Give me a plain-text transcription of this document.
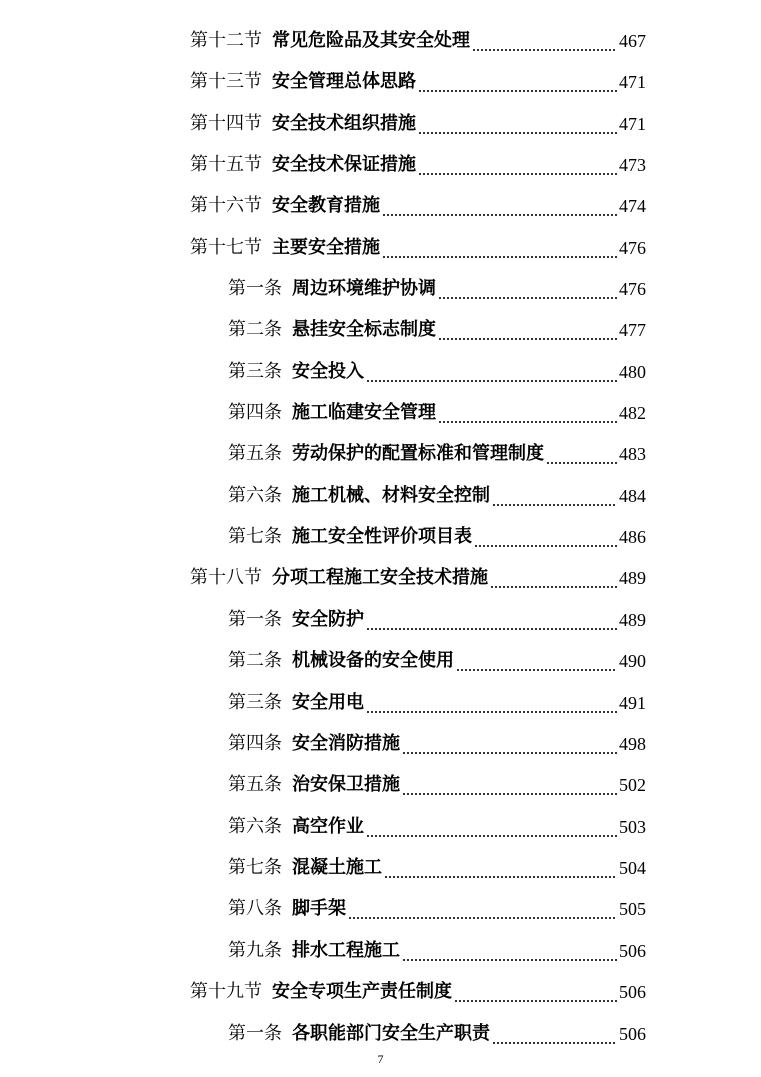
第十二节 常见危险品及其安全处理	467
第十三节 安全管理总体思路	471
第十四节 安全技术组织措施	471
第十五节 安全技术保证措施	473
第十六节 安全教育措施	474
第十七节 主要安全措施	476
第一条 周边环境维护协调	476
第二条 悬挂安全标志制度	477
第三条 安全投入	480
第四条 施工临建安全管理	482
第五条 劳动保护的配置标准和管理制度	483
第六条 施工机械、材料安全控制	484
第七条 施工安全性评价项目表	486
第十八节 分项工程施工安全技术措施	489
第一条 安全防护	489
第二条 机械设备的安全使用	490
第三条 安全用电	491
第四条 安全消防措施	498
第五条 治安保卫措施	502
第六条 高空作业	503
第七条 混凝土施工	504
第八条 脚手架	505
第九条 排水工程施工	506
第十九节 安全专项生产责任制度	506
第一条 各职能部门安全生产职责	506
7
